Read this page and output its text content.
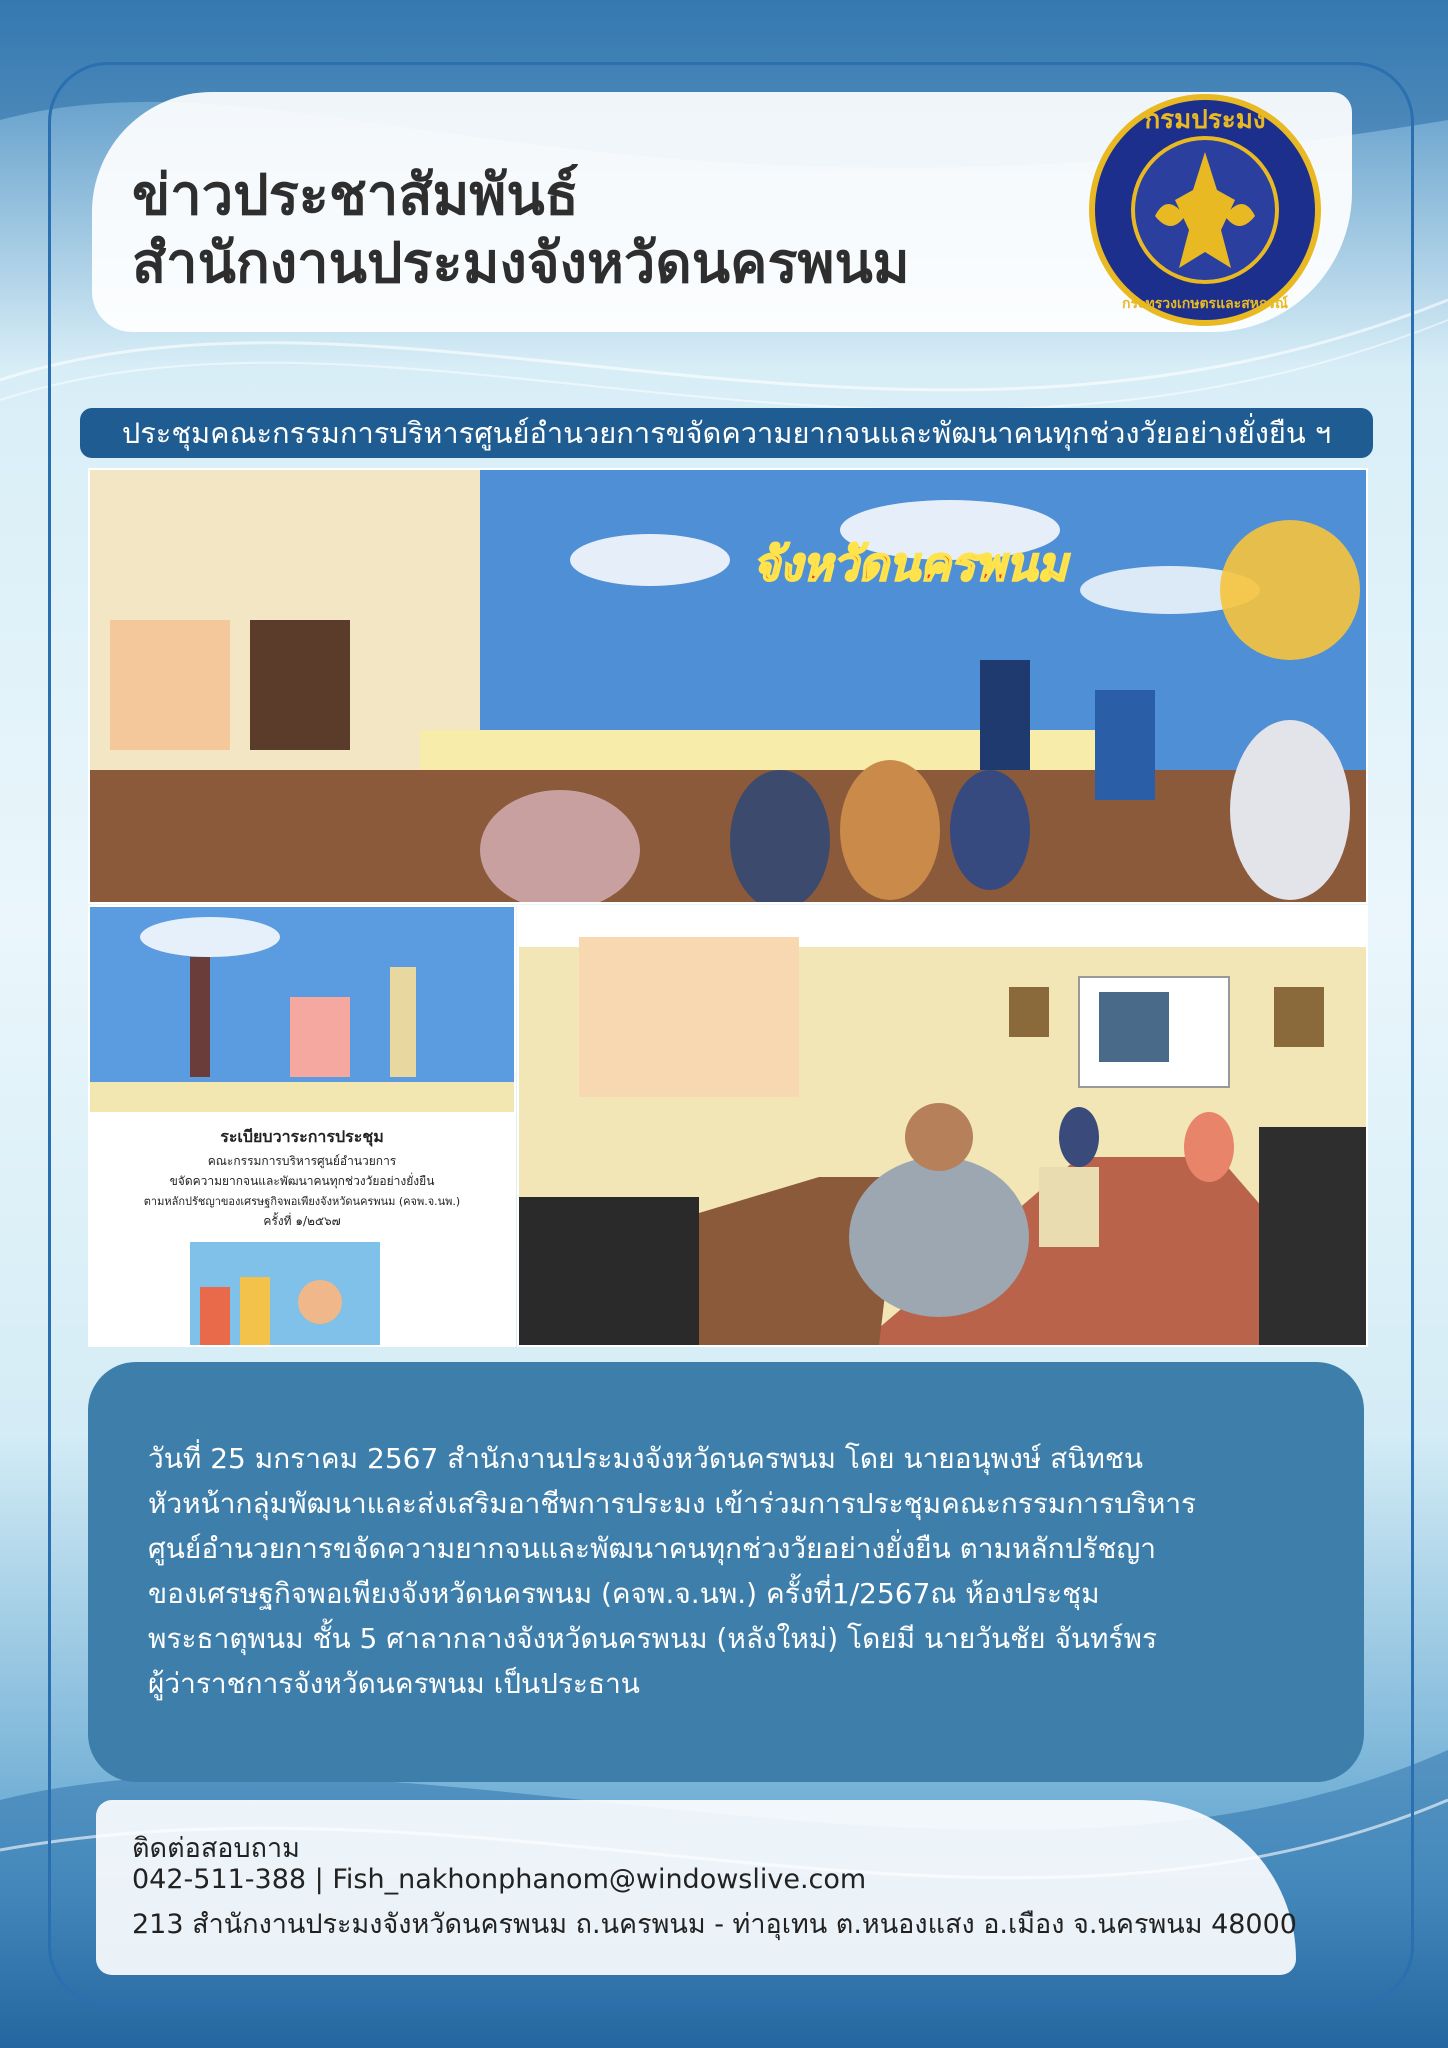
ข่าวประชาสัมพันธ์
สำนักงานประมงจังหวัดนครพนม
กรมประมง
กระทรวงเกษตรและสหกรณ์
ประชุมคณะกรรมการบริหารศูนย์อำนวยการขจัดความยากจนและพัฒนาคนทุกช่วงวัยอย่างยั่งยืน ฯ
จังหวัดนครพนม
ระเบียบวาระการประชุม
คณะกรรมการบริหารศูนย์อำนวยการ
ขจัดความยากจนและพัฒนาคนทุกช่วงวัยอย่างยั่งยืน
ตามหลักปรัชญาของเศรษฐกิจพอเพียงจังหวัดนครพนม (คจพ.จ.นพ.)
ครั้งที่ ๑/๒๕๖๗
วันที่ 25 มกราคม 2567 สำนักงานประมงจังหวัดนครพนม โดย นายอนุพงษ์ สนิทชน
หัวหน้ากลุ่มพัฒนาและส่งเสริมอาชีพการประมง เข้าร่วมการประชุมคณะกรรมการบริหาร
ศูนย์อำนวยการขจัดความยากจนและพัฒนาคนทุกช่วงวัยอย่างยั่งยืน ตามหลักปรัชญา
ของเศรษฐกิจพอเพียงจังหวัดนครพนม (คจพ.จ.นพ.) ครั้งที่1/2567ณ ห้องประชุม
พระธาตุพนม ชั้น 5 ศาลากลางจังหวัดนครพนม (หลังใหม่) โดยมี นายวันชัย จันทร์พร
ผู้ว่าราชการจังหวัดนครพนม เป็นประธาน
ติดต่อสอบถาม
042-511-388 | Fish_nakhonphanom@windowslive.com
213 สำนักงานประมงจังหวัดนครพนม ถ.นครพนม - ท่าอุเทน ต.หนองแสง อ.เมือง จ.นครพนม 48000
